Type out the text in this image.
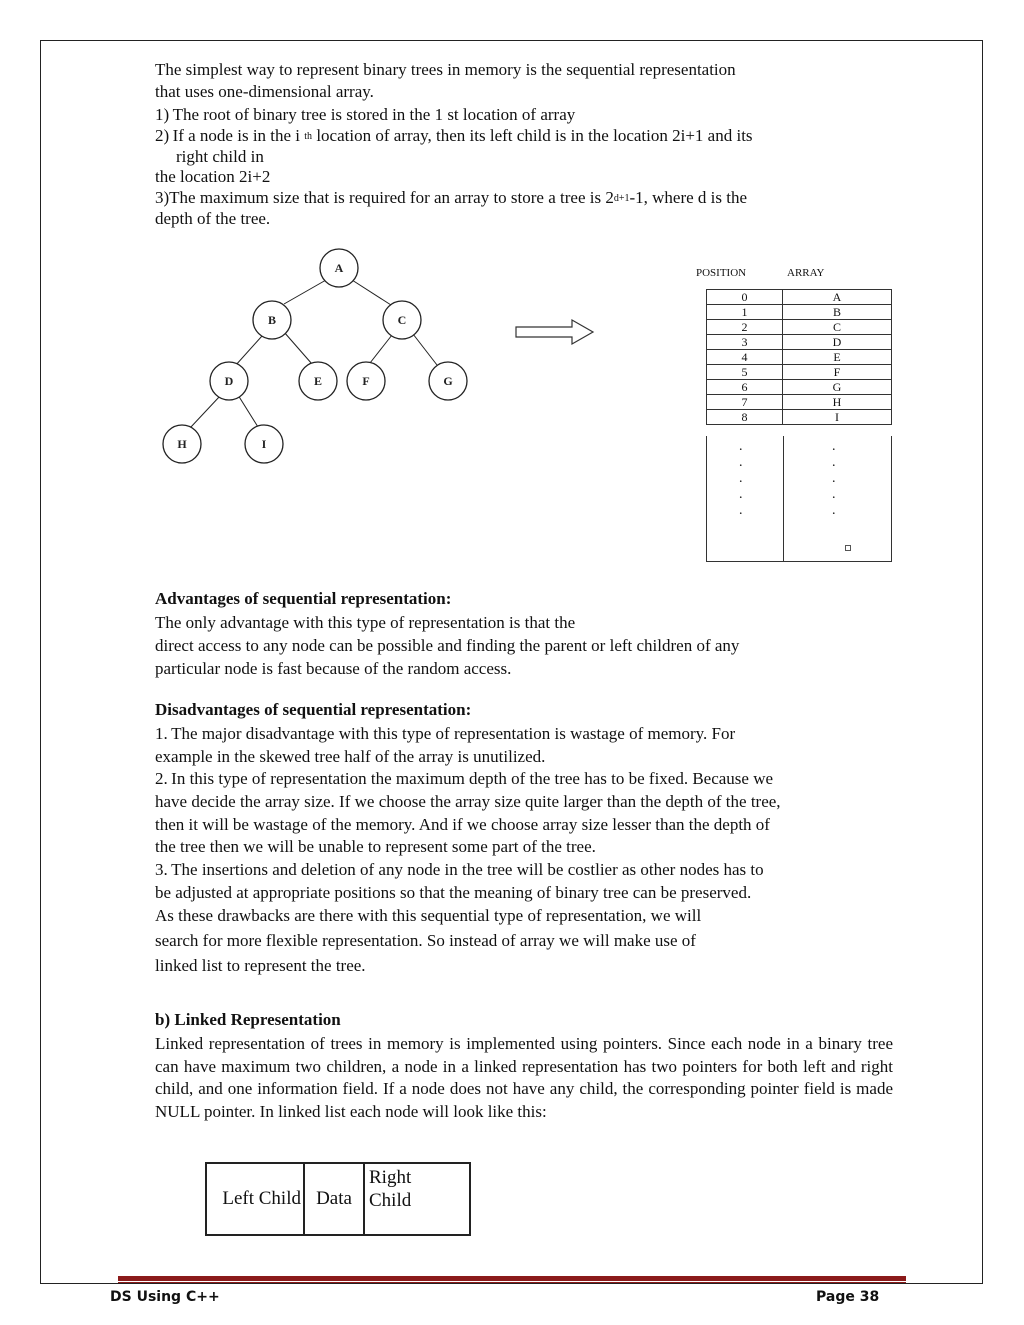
The simplest way to represent binary trees in memory is the sequential representation
that uses one-dimensional array.
1) The root of binary tree is stored in the 1 st location of array
2) If a node is in the i $^{th}$ location of array, then its left child is in the location 2i+1 and its
right child in
the location 2i+2
3)The maximum size that is required for an array to store a tree is $2^{d+1}-1$, where d is the
depth of the tree.
A
B	C
D	E	F	G
H	I
POSITION	ARRAY
0	A
1	B
2	C
3	D
4	E
5	F
6	G
7	H
8	I
.
.
.
.
.
.
.
.
.
.
Advantages of sequential representation:
The only advantage with this type of representation is that the
direct access to any node can be possible and finding the parent or left children of any
particular node is fast because of the random access.
Disadvantages of sequential representation:
1. The major disadvantage with this type of representation is wastage of memory. For
example in the skewed tree half of the array is unutilized.
2. In this type of representation the maximum depth of the tree has to be fixed. Because we
have decide the array size. If we choose the array size quite larger than the depth of the tree,
then it will be wastage of the memory. And if we choose array size lesser than the depth of
the tree then we will be unable to represent some part of the tree.
3. The insertions and deletion of any node in the tree will be costlier as other nodes has to
be adjusted at appropriate positions so that the meaning of binary tree can be preserved.
As these drawbacks are there with this sequential type of representation, we will
search for more flexible representation. So instead of array we will make use of
linked list to represent the tree.
b) Linked Representation
Linked representation of trees in memory is implemented using pointers. Since each node in a binary tree can have maximum two children, a node in a linked representation has two pointers for both left and right child, and one information field. If a node does not have any child, the corresponding pointer field is made NULL pointer. In linked list each node will look like this:
Left Child	Data	Right
Child
DS Using C++	Page 38
